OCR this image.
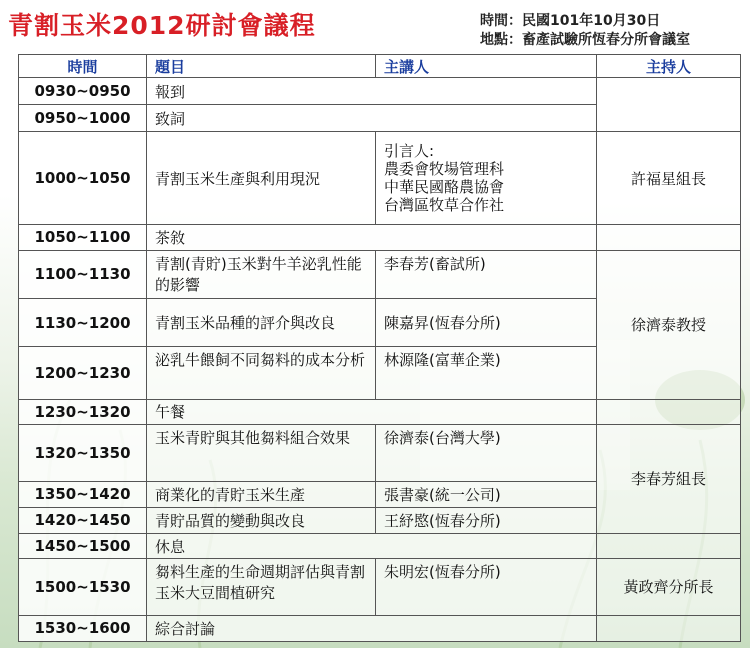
青割玉米2012研討會議程	時間：民國101年10月30日
地點：畜產試驗所恆春分所會議室
時間	題目	主講人	主持人
0930~0950	報到		
0950~1000	致詞		
1000~1050	青割玉米生產與利用現況	引言人:
農委會牧場管理科
中華民國酪農協會
台灣區牧草合作社	許福星組長
1050~1100	茶敘		
1100~1130	青割(青貯)玉米對牛羊泌乳性能的影響	李春芳(畜試所)	徐濟泰教授
1130~1200	青割玉米品種的評介與改良	陳嘉昇(恆春分所)	
1200~1230	泌乳牛餵飼不同芻料的成本分析	林源隆(富華企業)	
1230~1320	午餐		
1320~1350	玉米青貯與其他芻料組合效果	徐濟泰(台灣大學)	李春芳組長
1350~1420	商業化的青貯玉米生產	張書豪(統一公司)	
1420~1450	青貯品質的變動與改良	王紓愍(恆春分所)	
1450~1500	休息		
1500~1530	芻料生產的生命週期評估與青割玉米大豆間植研究	朱明宏(恆春分所)	黃政齊分所長
1530~1600	綜合討論		
